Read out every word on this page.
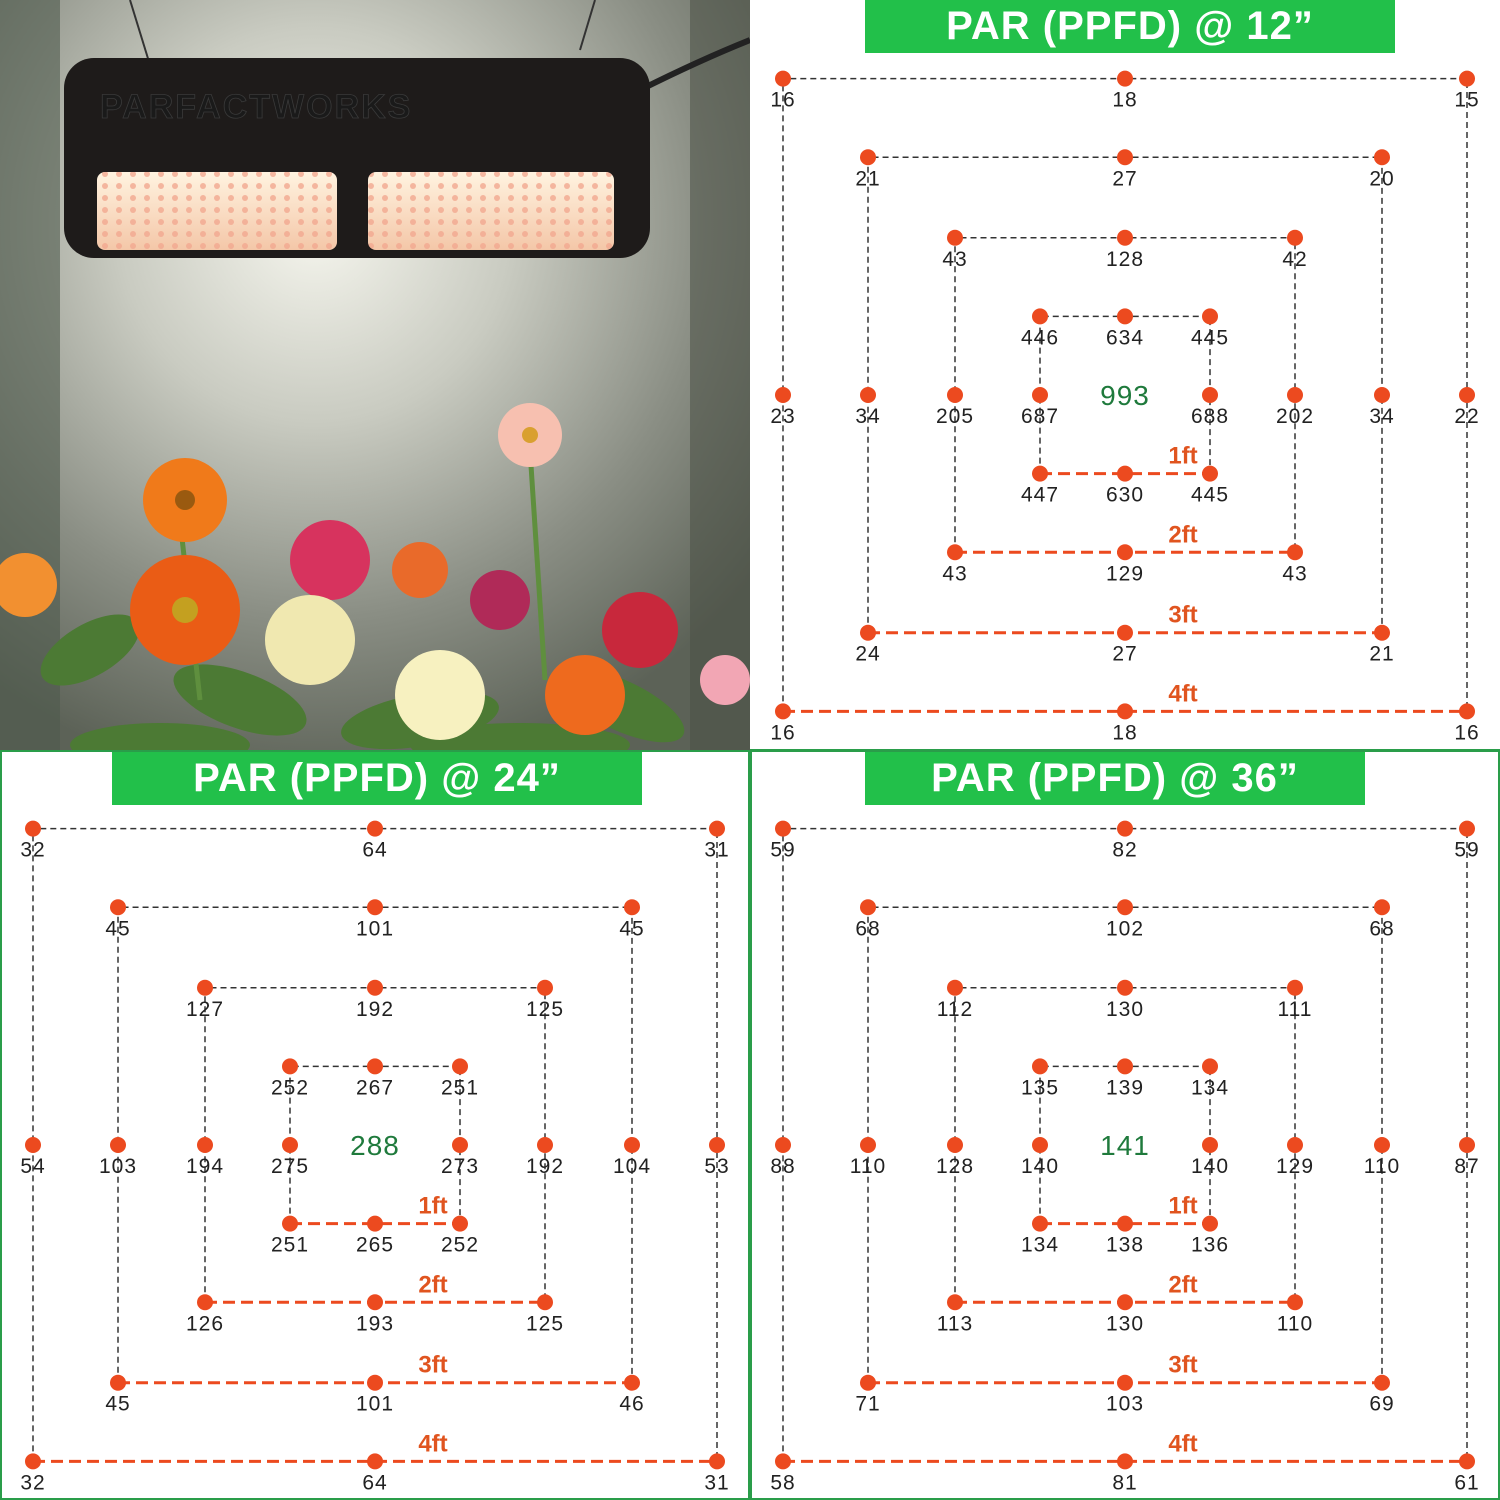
PARFACTWORKS
993
1ft
446 634 445
687	688
447 630 445
2ft
43	128	42
205	202
43	129	43
3ft
21	27	20
34	34
24	27	21
4ft
16	18	15
23	22
16	18	16
PAR (PPFD) @ 12”
288
1ft
252 267 251
275	273
251 265 252
2ft
127	192	125
194	192
126	193	125
3ft
45	101	45
103	104
45	101	46
4ft
32	64	31
54	53
32	64	31
PAR (PPFD) @ 24”
141
1ft
135 139 134
140	140
134 138 136
2ft
112	130	111
128	129
113	130	110
3ft
68	102	68
110	110
71	103	69
4ft
59	82	59
88	87
58	81	61
PAR (PPFD) @ 36”
